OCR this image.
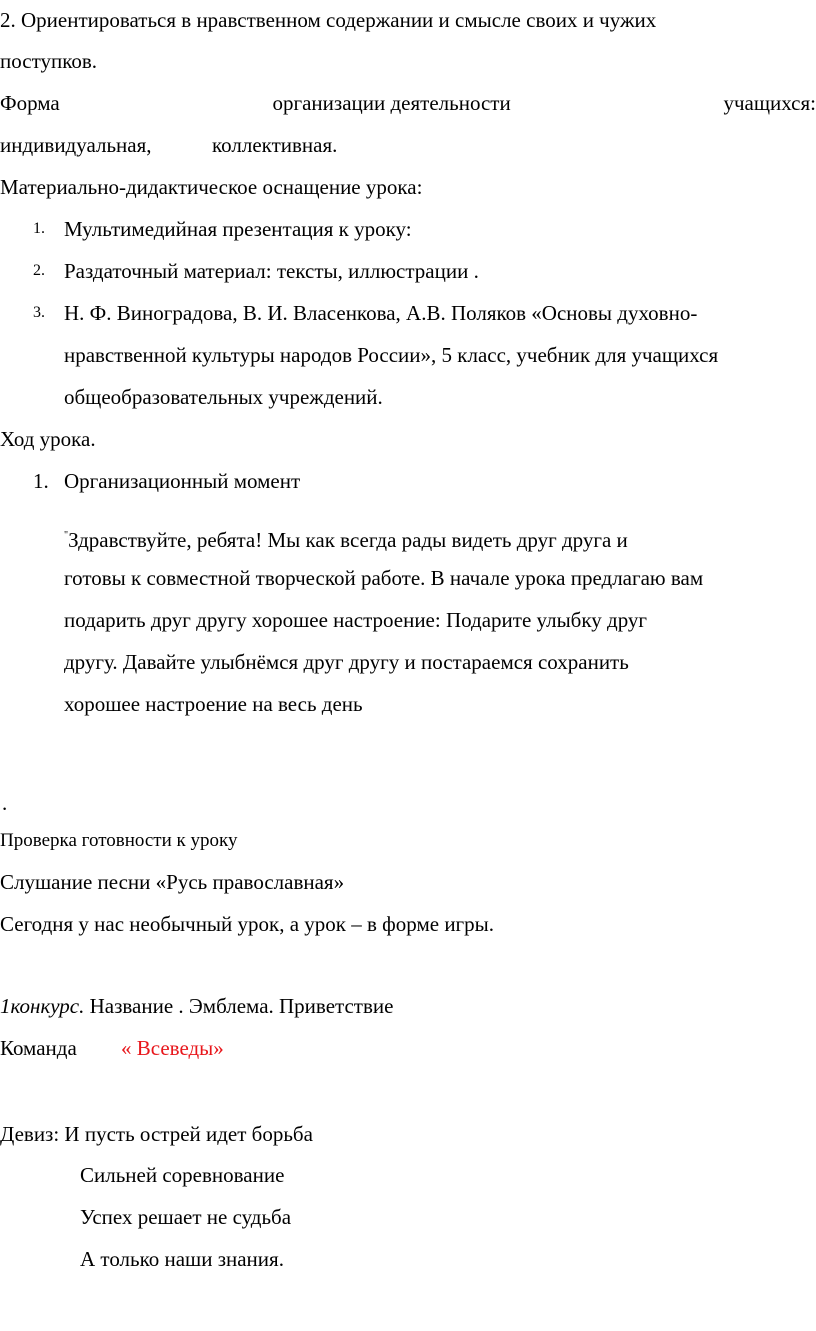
2. Ориентироваться в нравственном содержании и смысле своих и чужих
поступков.
Форма	организации деятельности	учащихся:
индивидуальная,	коллективная.
Материально-дидактическое оснащение урока:
1. Мультимедийная презентация к уроку:
2. Раздаточный материал: тексты, иллюстрации .
3. Н. Ф. Виноградова, В. И. Власенкова, А.В. Поляков «Основы духовно-
нравственной культуры народов России», 5 класс, учебник для учащихся
общеобразовательных учреждений.
Ход урока.
1. Организационный момент
"Здравствуйте, ребята! Мы как всегда рады видеть друг друга и
готовы к совместной творческой работе. В начале урока предлагаю вам
подарить друг другу хорошее настроение: Подарите улыбку друг
другу. Давайте улыбнёмся друг другу и постараемся сохранить
хорошее настроение на весь день
.
Проверка готовности к уроку
Слушание песни «Русь православная»
Сегодня у нас необычный урок, а урок – в форме игры.
1конкурс. Название . Эмблема. Приветствие
Команда « Всеведы»
Девиз: И пусть острей идет борьба
Сильней соревнование
Успех решает не судьба
А только наши знания.
